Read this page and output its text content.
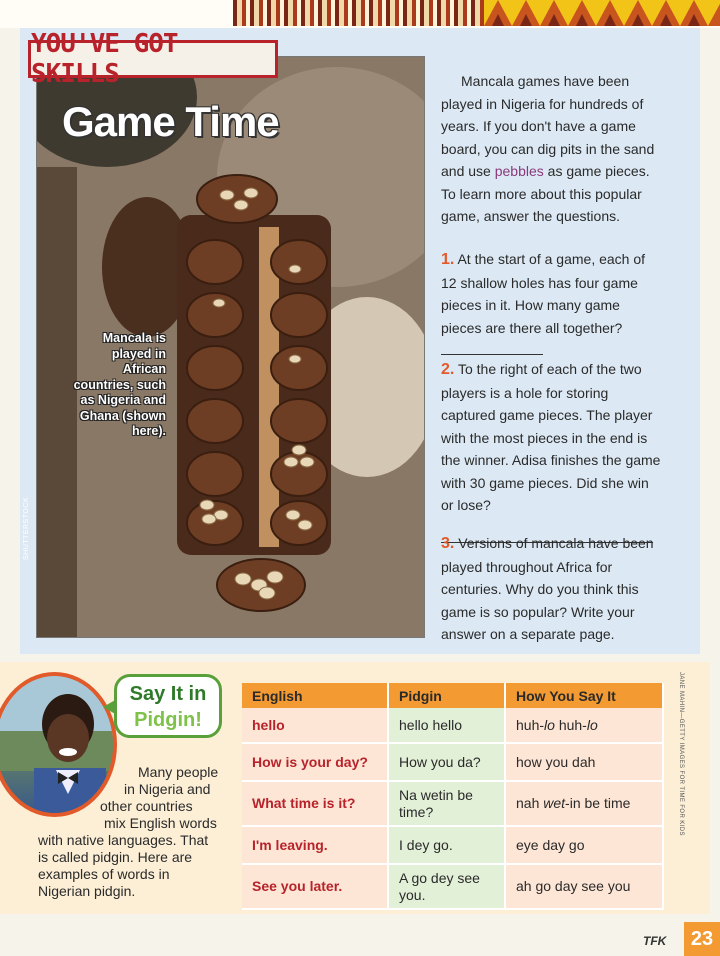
YOU'VE GOT SKILLS
Game Time
Mancala is played in African countries, such as Nigeria and Ghana (shown here).
SHUTTERSTOCK

Mancala games have been played in Nigeria for hundreds of years. If you don't have a game board, you can dig pits in the sand and use pebbles as game pieces. To learn more about this popular game, answer the questions.

1. At the start of a game, each of 12 shallow holes has four game pieces in it. How many game pieces are there all together?
2. To the right of each of the two players is a hole for storing captured game pieces. The player with the most pieces in the end is the winner. Adisa finishes the game with 30 game pieces. Did she win or lose?
3. Versions of mancala have been played throughout Africa for centuries. Why do you think this game is so popular? Write your answer on a separate page.
Say It in
Pidgin!
Many people
in Nigeria and
other countries
mix English words
with native languages. That
is called pidgin. Here are
examples of words in
Nigerian pidgin.
English	Pidgin	How You Say It
hello	hello hello	huh-lo huh-lo
How is your day?	How you da?	how you dah
What time is it?	Na wetin be time?	nah wet-in be time
I'm leaving.	I dey go.	eye day go
See you later.	A go dey see you.	ah go day see you
JANE MAHIN—GETTY IMAGES FOR TIME FOR KIDS
TFK	23
